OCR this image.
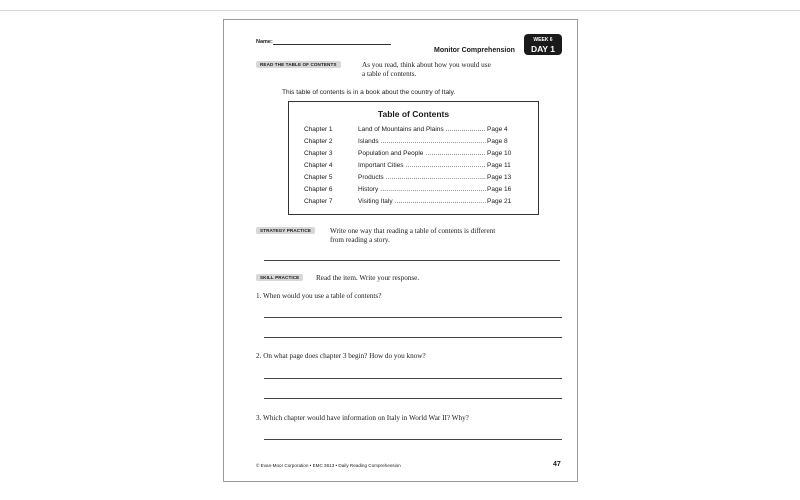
Name:
Monitor Comprehension
WEEK 6
DAY 1
READ THE TABLE OF CONTENTS	As you read, think about how you would use
a table of contents.
This table of contents is in a book about the country of Italy.
Table of Contents
Chapter 1	Land of Mountains and Plains .....	Page 4
Chapter 2	Islands .....	Page 8
Chapter 3	Population and People .....	Page 10
Chapter 4	Important Cities .....	Page 11
Chapter 5	Products .....	Page 13
Chapter 6	History .....	Page 16
Chapter 7	Visiting Italy .....	Page 21
STRATEGY PRACTICE	Write one way that reading a table of contents is different
from reading a story.
SKILL PRACTICE	Read the item. Write your response.
1. When would you use a table of contents?
2. On what page does chapter 3 begin? How do you know?
3. Which chapter would have information on Italy in World War II? Why?
© Evan-Moor Corporation • EMC 3613 • Daily Reading Comprehension	47
